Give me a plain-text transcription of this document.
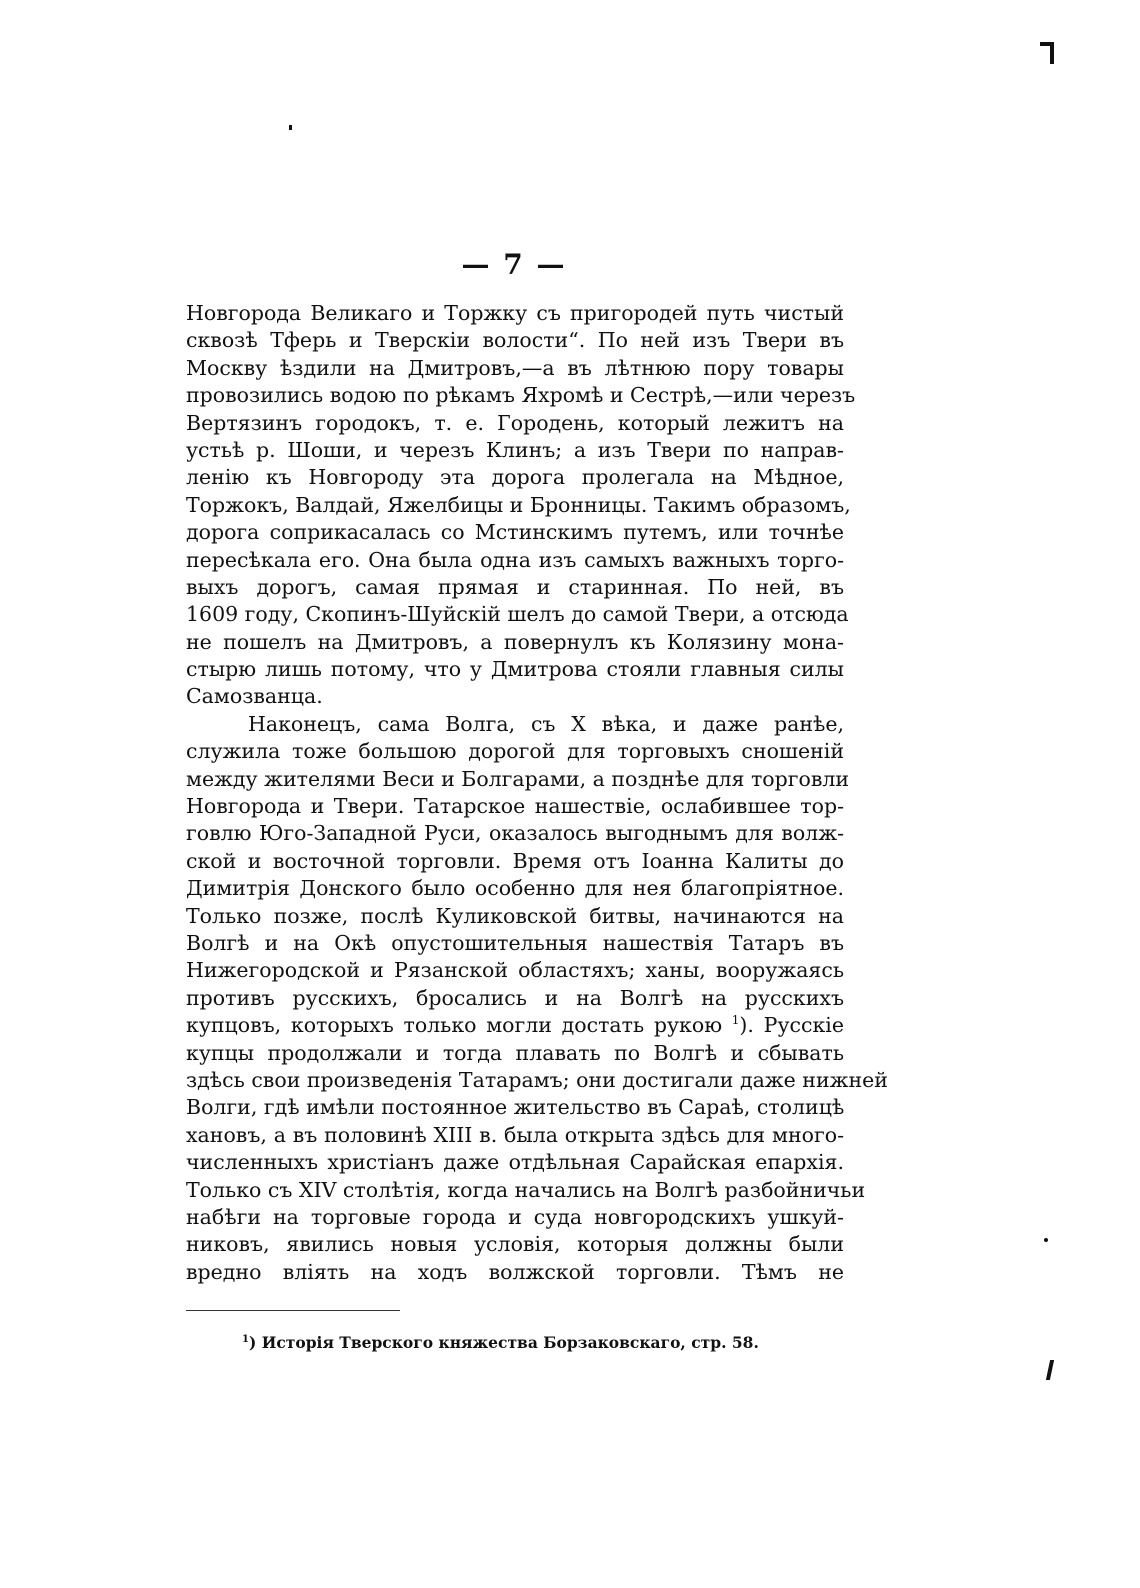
— 7 —
Новгорода Великаго и Торжку съ пригородей путь чистый
сквозѣ Тферь и Тверскіи волости“. По ней изъ Твери въ
Москву ѣздили на Дмитровъ,—а въ лѣтнюю пору товары
провозились водою по рѣкамъ Яхромѣ и Сестрѣ,—или черезъ
Вертязинъ городокъ, т. е. Городень, который лежитъ на
устьѣ р. Шоши, и черезъ Клинъ; а изъ Твери по направ-
ленію къ Новгороду эта дорога пролегала на Мѣдное,
Торжокъ, Валдай, Яжелбицы и Бронницы. Такимъ образомъ,
дорога соприкасалась со Мстинскимъ путемъ, или точнѣе
пересѣкала его. Она была одна изъ самыхъ важныхъ торго-
выхъ дорогъ, самая прямая и старинная. По ней, въ
1609 году, Скопинъ-Шуйскій шелъ до самой Твери, а отсюда
не пошелъ на Дмитровъ, а повернулъ къ Колязину мона-
стырю лишь потому, что у Дмитрова стояли главныя силы
Самозванца.
Наконецъ, сама Волга, съ X вѣка, и даже ранѣе,
служила тоже большою дорогой для торговыхъ сношеній
между жителями Веси и Болгарами, а позднѣе для торговли
Новгорода и Твери. Татарское нашествіе, ослабившее тор-
говлю Юго-Западной Руси, оказалось выгоднымъ для волж-
ской и восточной торговли. Время отъ Іоанна Калиты до
Димитрія Донского было особенно для нея благопріятное.
Только позже, послѣ Куликовской битвы, начинаются на
Волгѣ и на Окѣ опустошительныя нашествія Татаръ въ
Нижегородской и Рязанской областяхъ; ханы, вооружаясь
противъ русскихъ, бросались и на Волгѣ на русскихъ
купцовъ, которыхъ только могли достать рукою $^1$). Русскіе
купцы продолжали и тогда плавать по Волгѣ и сбывать
здѣсь свои произведенія Татарамъ; они достигали даже нижней
Волги, гдѣ имѣли постоянное жительство въ Сараѣ, столицѣ
хановъ, а въ половинѣ XIII в. была открыта здѣсь для много-
численныхъ христіанъ даже отдѣльная Сарайская епархія.
Только съ XIV столѣтія, когда начались на Волгѣ разбойничьи
набѣги на торговые города и суда новгородскихъ ушкуй-
никовъ, явились новыя условія, которыя должны были
вредно вліять на ходъ волжской торговли. Тѣмъ не
$^1$) Исторія Тверского княжества Борзаковскаго, стр. 58.
